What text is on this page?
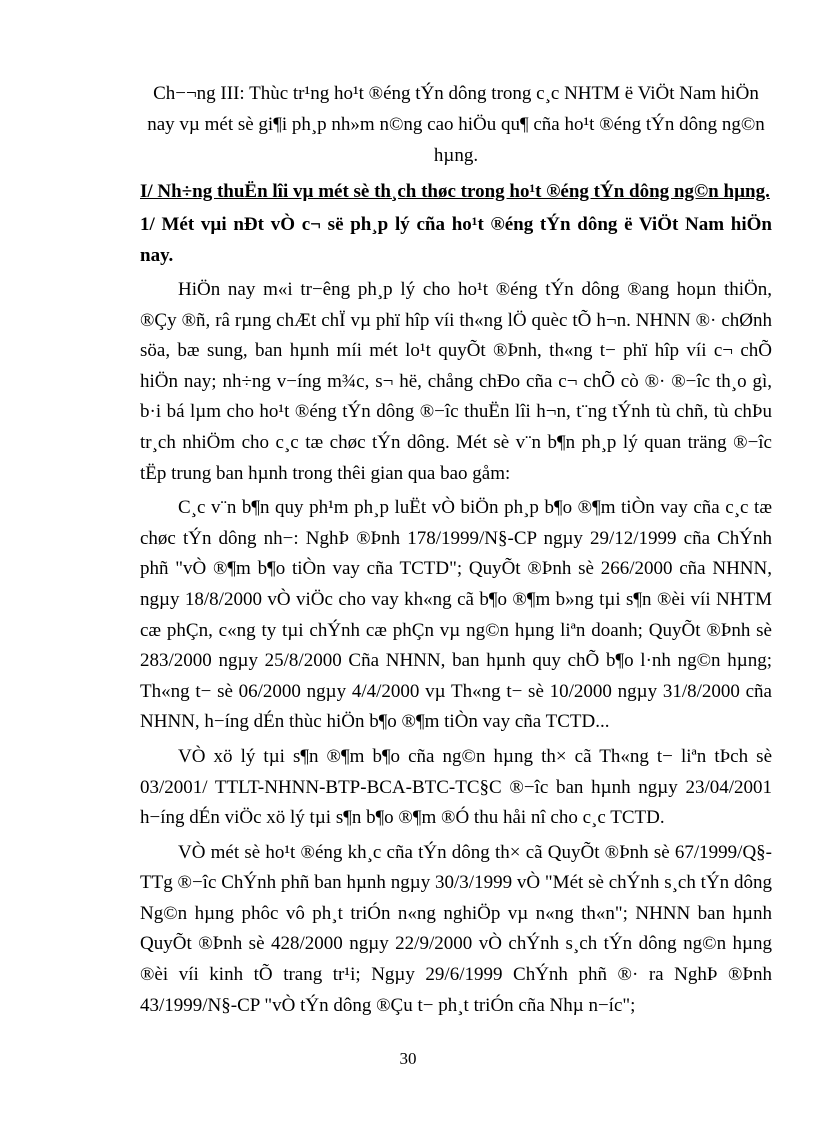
Ch−¬ng III: Thùc tr¹ng ho¹t ®éng tÝn dông trong c¸c NHTM ë ViÖt Nam hiÖn nay vµ mét sè gi¶i ph¸p nh»m n©ng cao hiÖu qu¶ cña ho¹t ®éng tÝn dông ng©n hµng.

I/ Nh÷ng thuËn lîi vµ mét sè th¸ch thøc trong ho¹t ®éng tÝn dông ng©n hµng.

1/ Mét vµi nÐt vÒ c¬ së ph¸p lý cña ho¹t ®éng tÝn dông ë ViÖt Nam hiÖn nay.

HiÖn nay m«i tr−êng ph¸p lý cho ho¹t ®éng tÝn dông ®ang hoµn thiÖn, ®Çy ®ñ, râ rµng chÆt chÏ vµ phï hîp víi th«ng lÖ quèc tÕ h¬n. NHNN ®· chØnh söa, bæ sung, ban hµnh míi mét lo¹t quyÕt ®Þnh, th«ng t− phï hîp víi c¬ chÕ hiÖn nay; nh÷ng v−íng m¾c, s¬ hë, chång chÐo cña c¬ chÕ cò ®· ®−îc th¸o gì, b·i bá lµm cho ho¹t ®éng tÝn dông ®−îc thuËn lîi h¬n, t¨ng tÝnh tù chñ, tù chÞu tr¸ch nhiÖm cho c¸c tæ chøc tÝn dông. Mét sè v¨n b¶n ph¸p lý quan träng ®−îc tËp trung ban hµnh trong thêi gian qua bao gåm:

C¸c v¨n b¶n quy ph¹m ph¸p luËt vÒ biÖn ph¸p b¶o ®¶m tiÒn vay cña c¸c tæ chøc tÝn dông nh−: NghÞ ®Þnh 178/1999/N§-CP ngµy 29/12/1999 cña ChÝnh phñ "vÒ ®¶m b¶o tiÒn vay cña TCTD"; QuyÕt ®Þnh sè 266/2000 cña NHNN, ngµy 18/8/2000 vÒ viÖc cho vay kh«ng cã b¶o ®¶m b»ng tµi s¶n ®èi víi NHTM cæ phÇn, c«ng ty tµi chÝnh cæ phÇn vµ ng©n hµng liªn doanh; QuyÕt ®Þnh sè 283/2000 ngµy 25/8/2000 Cña NHNN, ban hµnh quy chÕ b¶o l·nh ng©n hµng; Th«ng t− sè 06/2000 ngµy 4/4/2000 vµ Th«ng t− sè 10/2000 ngµy 31/8/2000 cña NHNN, h−íng dÉn thùc hiÖn b¶o ®¶m tiÒn vay cña TCTD...

VÒ xö lý tµi s¶n ®¶m b¶o cña ng©n hµng th× cã Th«ng t− liªn tÞch sè 03/2001/ TTLT-NHNN-BTP-BCA-BTC-TC§C ®−îc ban hµnh ngµy 23/04/2001 h−íng dÉn viÖc xö lý tµi s¶n b¶o ®¶m ®Ó thu håi nî cho c¸c TCTD.

VÒ mét sè ho¹t ®éng kh¸c cña tÝn dông th× cã QuyÕt ®Þnh sè 67/1999/Q§- TTg ®−îc ChÝnh phñ ban hµnh ngµy 30/3/1999 vÒ "Mét sè chÝnh s¸ch tÝn dông Ng©n hµng phôc vô ph¸t triÓn n«ng nghiÖp vµ n«ng th«n"; NHNN ban hµnh QuyÕt ®Þnh sè 428/2000 ngµy 22/9/2000 vÒ chÝnh s¸ch tÝn dông ng©n hµng ®èi víi kinh tÕ trang tr¹i; Ngµy 29/6/1999 ChÝnh phñ ®· ra NghÞ ®Þnh 43/1999/N§-CP "vÒ tÝn dông ®Çu t− ph¸t triÓn cña Nhµ n−íc";

30
